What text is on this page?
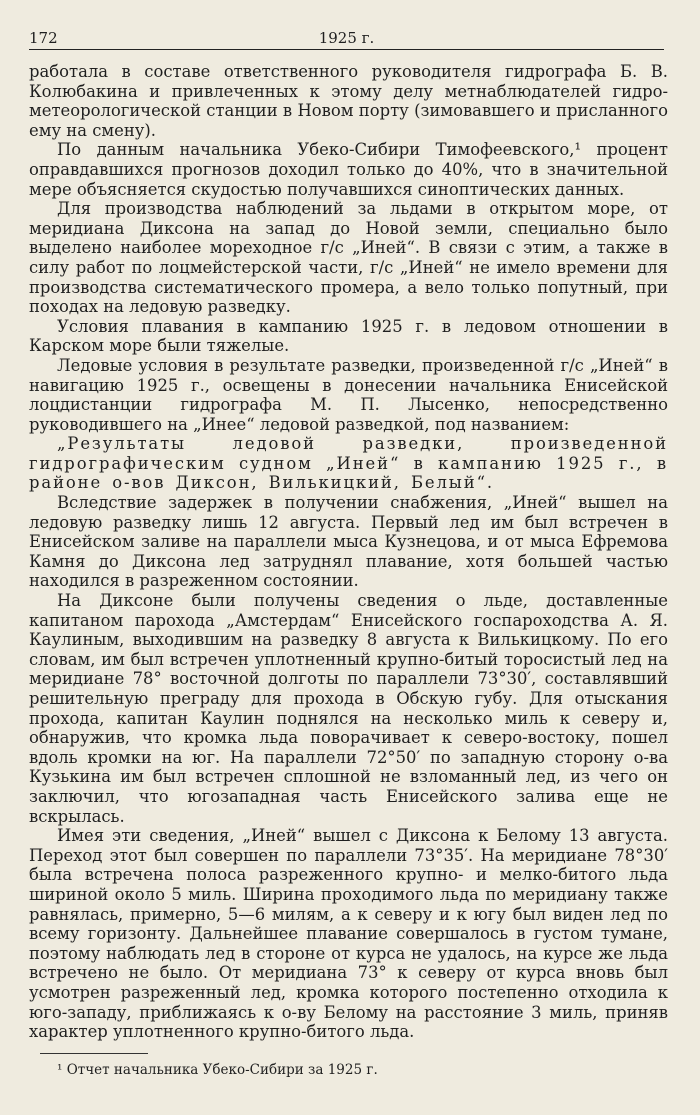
172	1925 г.

работала в составе ответственного руководителя гидрографа Б. В. Колюбакина и привлеченных к этому делу метнаблюдателей гидро-метеорологической станции в Новом порту (зимовавшего и присланного ему на смену).

По данным начальника Убеко-Сибири Тимофеевского,¹ процент оправдавшихся прогнозов доходил только до 40%, что в значительной мере объясняется скудостью получавшихся синоптических данных.

Для производства наблюдений за льдами в открытом море, от меридиана Диксона на запад до Новой земли, специально было выделено наиболее мореходное г/с „Иней“. В связи с этим, а также в силу работ по лоцмейстерской части, г/с „Иней“ не имело времени для производства систематического промера, а вело только попутный, при походах на ледовую разведку.

Условия плавания в кампанию 1925 г. в ледовом отношении в Карском море были тяжелые.

Ледовые условия в результате разведки, произведенной г/с „Иней“ в навигацию 1925 г., освещены в донесении начальника Енисейской лоцдистанции гидрографа М. П. Лысенко, непосредственно руководившего на „Инее“ ледовой разведкой, под названием:

„Результаты ледовой разведки, произведенной гидрографическим судном „Иней“ в кампанию 1925 г., в районе о-вов Диксон, Вилькицкий, Белый“.

Вследствие задержек в получении снабжения, „Иней“ вышел на ледовую разведку лишь 12 августа. Первый лед им был встречен в Енисейском заливе на параллели мыса Кузнецова, и от мыса Ефремова Камня до Диксона лед затруднял плавание, хотя большей частью находился в разреженном состоянии.

На Диксоне были получены сведения о льде, доставленные капитаном парохода „Амстердам“ Енисейского госпароходства А. Я. Каулиным, выходившим на разведку 8 августа к Вилькицкому. По его словам, им был встречен уплотненный крупно-битый торосистый лед на меридиане 78° восточной долготы по параллели 73°30′, составлявший решительную преграду для прохода в Обскую губу. Для отыскания прохода, капитан Каулин поднялся на несколько миль к северу и, обнаружив, что кромка льда поворачивает к северо-востоку, пошел вдоль кромки на юг. На параллели 72°50′ по западную сторону о-ва Кузькина им был встречен сплошной не взломанный лед, из чего он заключил, что югозападная часть Енисейского залива еще не вскрылась.

Имея эти сведения, „Иней“ вышел с Диксона к Белому 13 августа. Переход этот был совершен по параллели 73°35′. На меридиане 78°30′ была встречена полоса разреженного крупно- и мелко-битого льда шириной около 5 миль. Ширина проходимого льда по меридиану также равнялась, примерно, 5—6 милям, а к северу и к югу был виден лед по всему горизонту. Дальнейшее плавание совершалось в густом тумане, поэтому наблюдать лед в стороне от курса не удалось, на курсе же льда встречено не было. От меридиана 73° к северу от курса вновь был усмотрен разреженный лед, кромка которого постепенно отходила к юго-западу, приближаясь к о-ву Белому на расстояние 3 миль, приняв характер уплотненного крупно-битого льда.

¹ Отчет начальника Убеко-Сибири за 1925 г.
